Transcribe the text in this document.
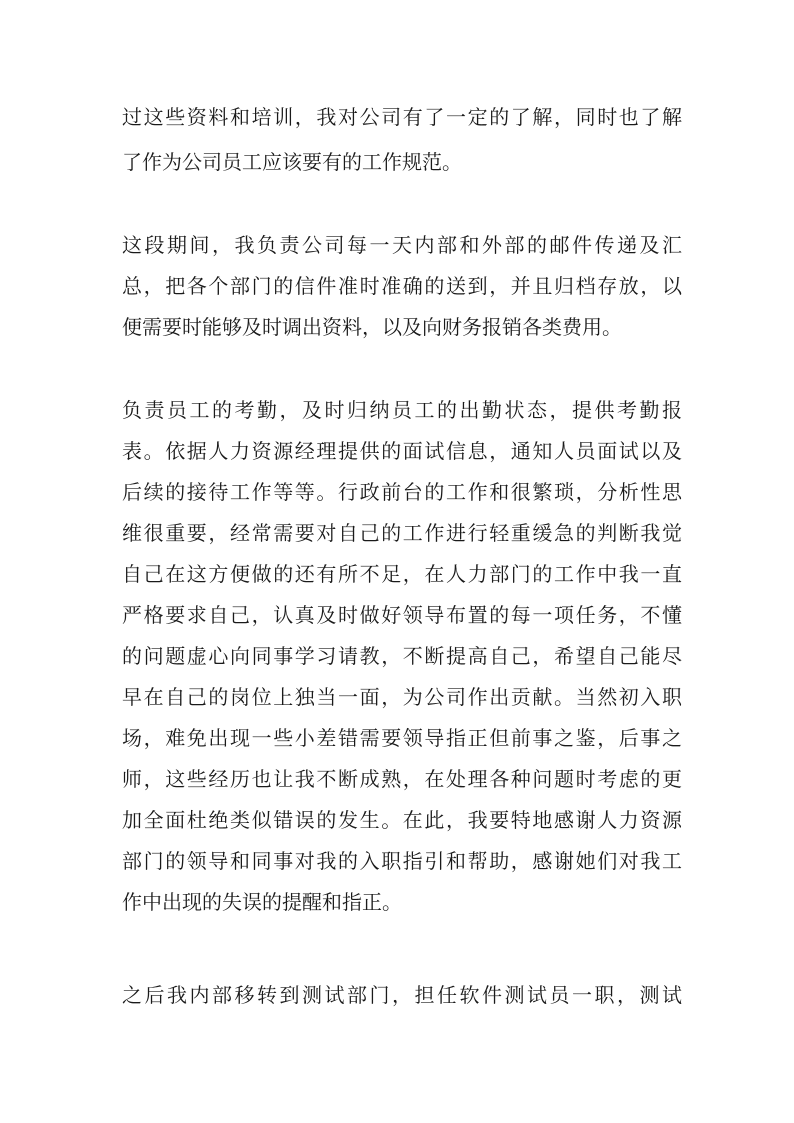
过这些资料和培训，我对公司有了一定的了解，同时也了解
了作为公司员工应该要有的工作规范。
这段期间，我负责公司每一天内部和外部的邮件传递及汇
总，把各个部门的信件准时准确的送到，并且归档存放，以
便需要时能够及时调出资料，以及向财务报销各类费用。
负责员工的考勤，及时归纳员工的出勤状态，提供考勤报
表。依据人力资源经理提供的面试信息，通知人员面试以及
后续的接待工作等等。行政前台的工作和很繁琐，分析性思
维很重要，经常需要对自己的工作进行轻重缓急的判断我觉
自己在这方便做的还有所不足，在人力部门的工作中我一直
严格要求自己，认真及时做好领导布置的每一项任务，不懂
的问题虚心向同事学习请教，不断提高自己，希望自己能尽
早在自己的岗位上独当一面，为公司作出贡献。当然初入职
场，难免出现一些小差错需要领导指正但前事之鉴，后事之
师，这些经历也让我不断成熟，在处理各种问题时考虑的更
加全面杜绝类似错误的发生。在此，我要特地感谢人力资源
部门的领导和同事对我的入职指引和帮助，感谢她们对我工
作中出现的失误的提醒和指正。
之后我内部移转到测试部门，担任软件测试员一职，测试
